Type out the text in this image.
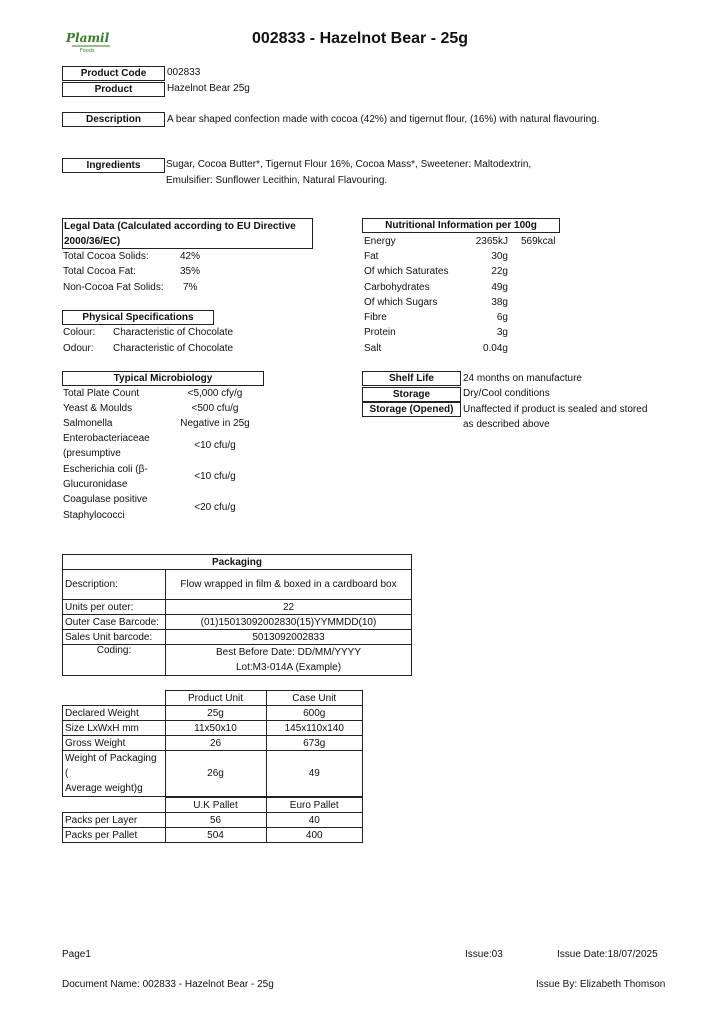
Plamil
Foods
002833 - Hazelnot Bear - 25g
Product Code	002833
Product	Hazelnot Bear 25g
Description	A bear shaped confection made with cocoa (42%) and tigernut flour, (16%) with natural flavouring.
Ingredients	Sugar, Cocoa Butter*, Tigernut Flour 16%, Cocoa Mass*, Sweetener: Maltodextrin,
Emulsifier: Sunflower Lecithin, Natural Flavouring.
Legal Data (Calculated according to EU Directive
2000/36/EC)
Total Cocoa Solids:	42%
Total Cocoa Fat:	35%
Non-Cocoa Fat Solids: 7%
Physical Specifications
Colour: Characteristic of Chocolate
Odour: Characteristic of Chocolate
Nutritional Information per 100g
Energy	2365kJ 569kcal
Fat	30g
Of which Saturates	22g
Carbohydrates	49g
Of which Sugars	38g
Fibre	6g
Protein	3g
Salt	0.04g
Typical Microbiology
Total Plate Count	<5,000 cfy/g
Yeast & Moulds	<500 cfu/g
Salmonella	Negative in 25g
Enterobacteriaceae
(presumptive
<10 cfu/g
Escherichia coli (β-
Glucuronidase
<10 cfu/g
Coagulase positive
Staphylococci
<20 cfu/g
Shelf Life	24 months on manufacture
Storage	Dry/Cool conditions
Storage (Opened) Unaffected if product is sealed and stored
as described above
Packaging	
Description:	Flow wrapped in film & boxed in a cardboard box
Units per outer:	22
Outer Case Barcode:	(01)15013092002830(15)YYMMDD(10)
Sales Unit barcode:	5013092002833
Coding:	Best Before Date: DD/MM/YYYY
Lot:M3-014A (Example)
	Product Unit	Case Unit
Declared Weight	25g	600g
Size LxWxH mm	11x50x10	145x110x140
Gross Weight	26	673g

Weight of Packaging (
Average weight)g	26g	49
	U.K Pallet	Euro Pallet
Packs per Layer	56	40
Packs per Pallet	504	400
Page1	Issue:03	Issue Date:18/07/2025
Document Name: 002833 - Hazelnot Bear - 25g	Issue By: Elizabeth Thomson
